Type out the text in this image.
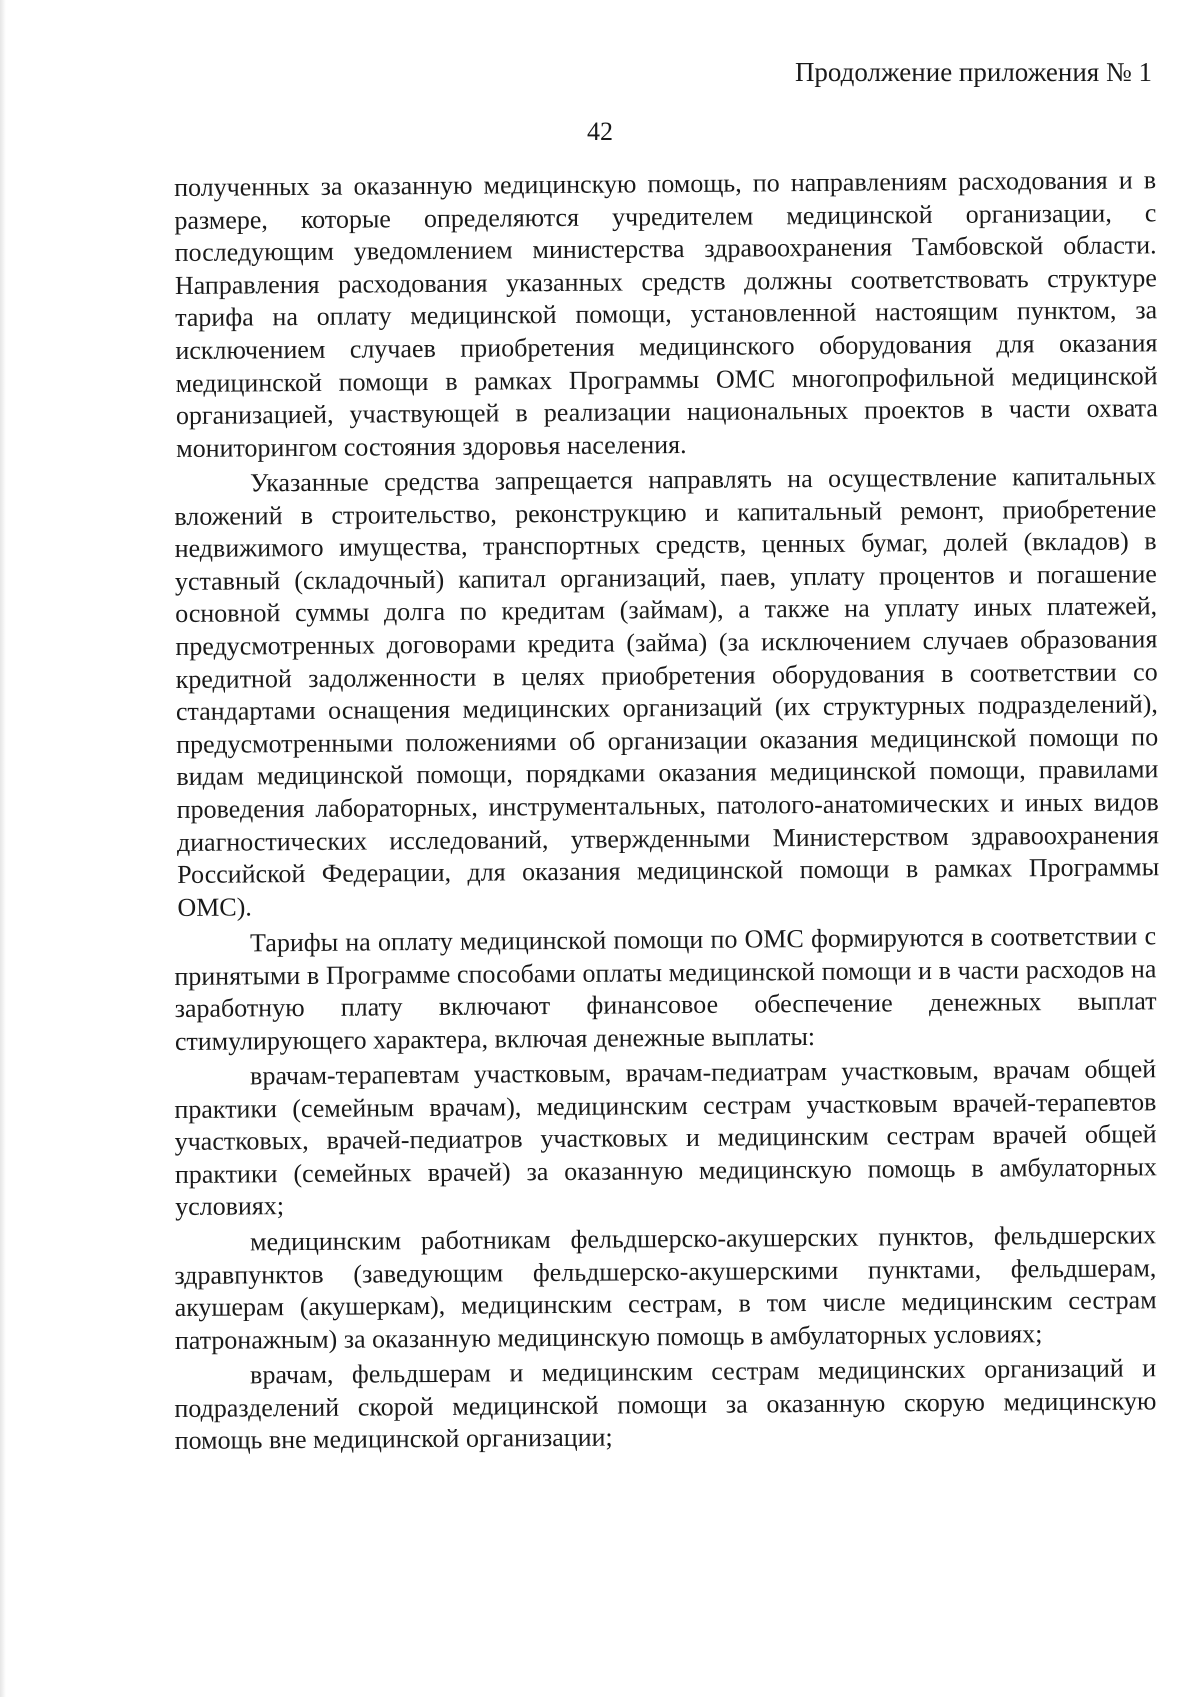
Продолжение приложения № 1
42

полученных за оказанную медицинскую помощь, по направлениям расходования и в размере, которые определяются учредителем медицинской организации, с последующим уведомлением министерства здравоохранения Тамбовской области. Направления расходования указанных средств должны соответствовать структуре тарифа на оплату медицинской помощи, установленной настоящим пунктом, за исключением случаев приобретения медицинского оборудования для оказания медицинской помощи в рамках Программы ОМС многопрофильной медицинской организацией, участвующей в реализации национальных проектов в части охвата мониторингом состояния здоровья населения.

Указанные средства запрещается направлять на осуществление капитальных вложений в строительство, реконструкцию и капитальный ремонт, приобретение недвижимого имущества, транспортных средств, ценных бумаг, долей (вкладов) в уставный (складочный) капитал организаций, паев, уплату процентов и погашение основной суммы долга по кредитам (займам), а также на уплату иных платежей, предусмотренных договорами кредита (займа) (за исключением случаев образования кредитной задолженности в целях приобретения оборудования в соответствии со стандартами оснащения медицинских организаций (их структурных подразделений), предусмотренными положениями об организации оказания медицинской помощи по видам медицинской помощи, порядками оказания медицинской помощи, правилами проведения лабораторных, инструментальных, патолого-анатомических и иных видов диагностических исследований, утвержденными Министерством здравоохранения Российской Федерации, для оказания медицинской помощи в рамках Программы ОМС).

Тарифы на оплату медицинской помощи по ОМС формируются в соответствии с принятыми в Программе способами оплаты медицинской помощи и в части расходов на заработную плату включают финансовое обеспечение денежных выплат стимулирующего характера, включая денежные выплаты:

врачам-терапевтам участковым, врачам-педиатрам участковым, врачам общей практики (семейным врачам), медицинским сестрам участковым врачей-терапевтов участковых, врачей-педиатров участковых и медицинским сестрам врачей общей практики (семейных врачей) за оказанную медицинскую помощь в амбулаторных условиях;

медицинским работникам фельдшерско-акушерских пунктов, фельдшерских здравпунктов (заведующим фельдшерско-акушерскими пунктами, фельдшерам, акушерам (акушеркам), медицинским сестрам, в том числе медицинским сестрам патронажным) за оказанную медицинскую помощь в амбулаторных условиях;

врачам, фельдшерам и медицинским сестрам медицинских организаций и подразделений скорой медицинской помощи за оказанную скорую медицинскую помощь вне медицинской организации;
